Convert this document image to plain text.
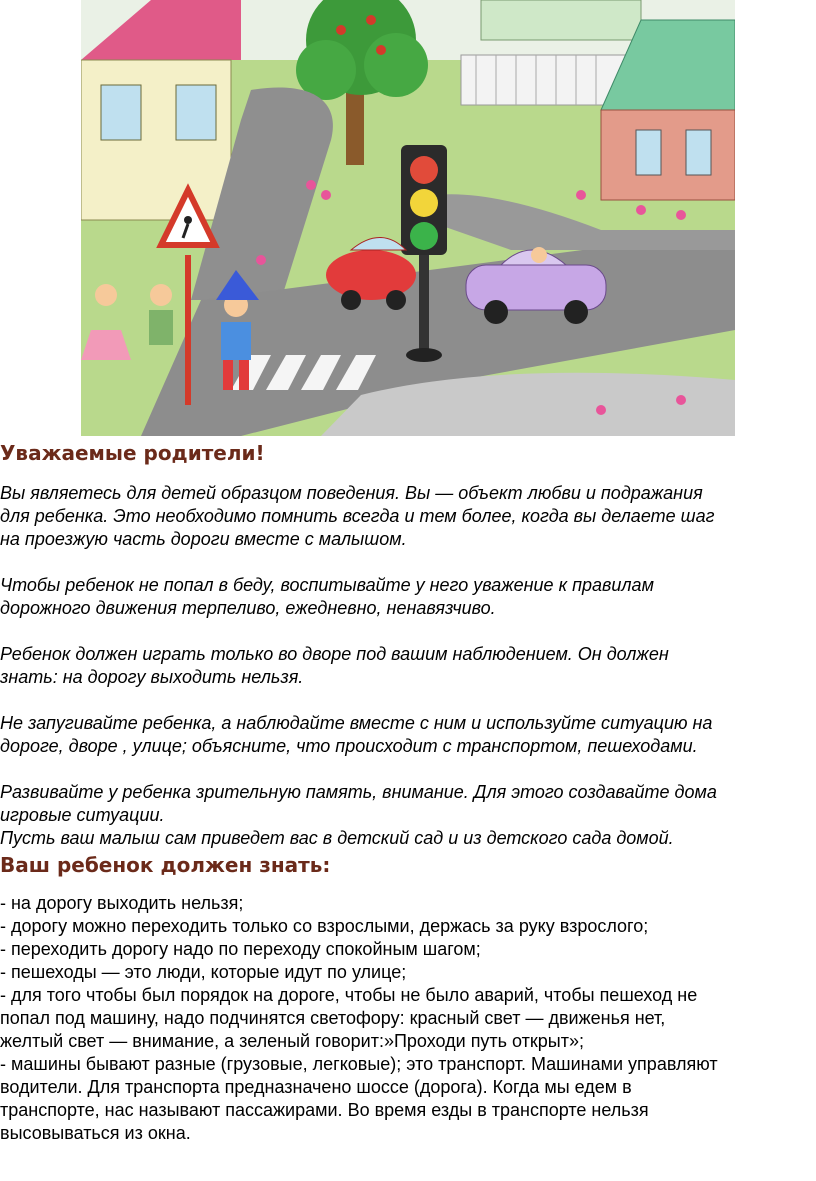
Уважаемые родители!

Вы являетесь для детей образцом поведения. Вы — объект любви и подражания

для ребенка. Это необходимо помнить всегда и тем более, когда вы делаете шаг

на проезжую часть дороги вместе с малышом.

Чтобы ребенок не попал в беду, воспитывайте у него уважение к правилам

дорожного движения терпеливо, ежедневно, ненавязчиво.

Ребенок должен играть только во дворе под вашим наблюдением. Он должен

знать: на дорогу выходить нельзя.

Не запугивайте ребенка, а наблюдайте вместе с ним и используйте ситуацию на

дороге, дворе , улице; объясните, что происходит с транспортом, пешеходами.

Развивайте у ребенка зрительную память, внимание. Для этого создавайте дома

игровые ситуации.

Пусть ваш малыш сам приведет вас в детский сад и из детского сада домой.

Ваш ребенок должен знать:

- на дорогу выходить нельзя;

- дорогу можно переходить только со взрослыми, держась за руку взрослого;

- переходить дорогу надо по переходу спокойным шагом;

- пешеходы — это люди, которые идут по улице;

- для того чтобы был порядок на дороге, чтобы не было аварий, чтобы пешеход не

попал под машину, надо подчинятся светофору: красный свет — движенья нет,

желтый свет — внимание, а зеленый говорит:»Проходи путь открыт»;

- машины бывают разные (грузовые, легковые); это транспорт. Машинами управляют

водители. Для транспорта предназначено шоссе (дорога). Когда мы едем в

транспорте, нас называют пассажирами. Во время езды в транспорте нельзя

высовываться из окна.
